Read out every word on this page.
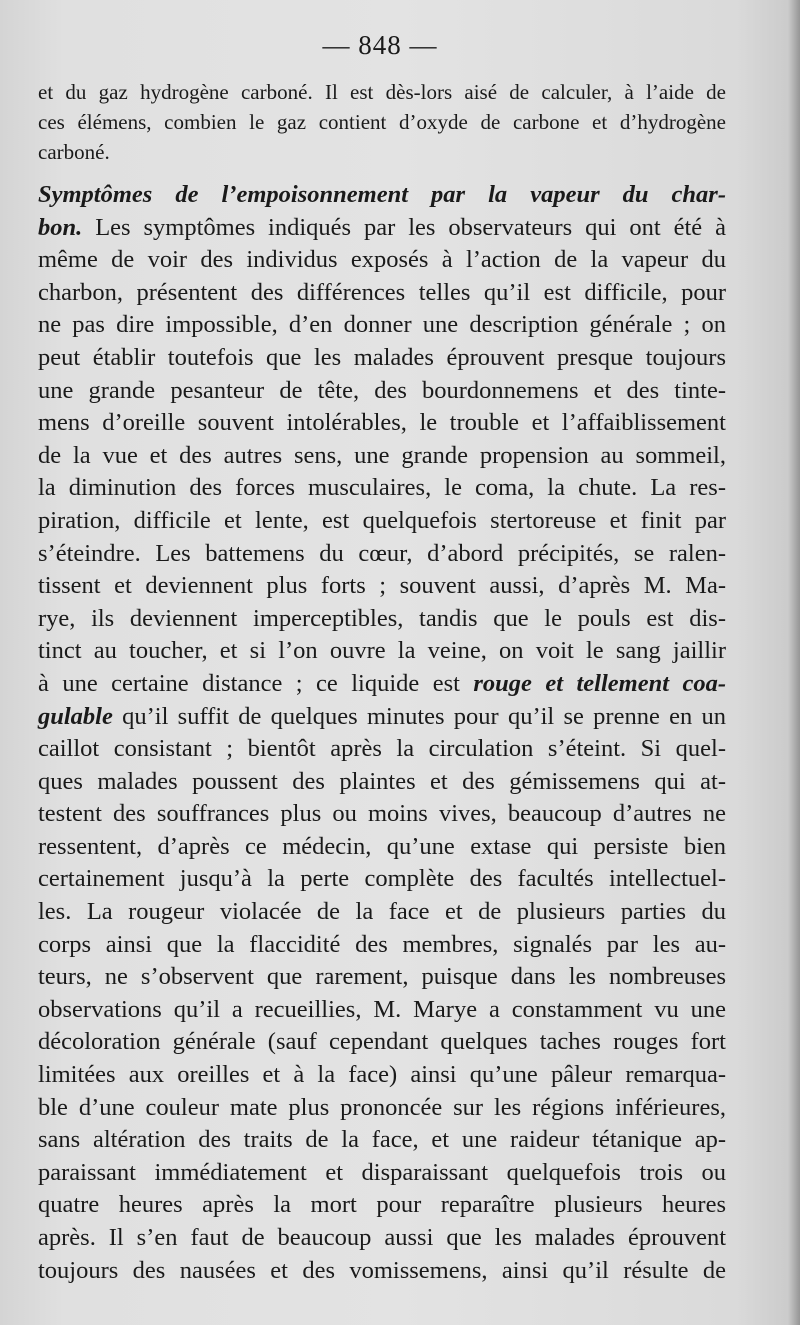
— 848 —
et du gaz hydrogène carboné. Il est dès-lors aisé de calculer, à l’aide de
ces élémens, combien le gaz contient d’oxyde de carbone et d’hydrogène
carboné.
Symptômes de l’empoisonnement par la vapeur du char-
bon. Les symptômes indiqués par les observateurs qui ont été à
même de voir des individus exposés à l’action de la vapeur du
charbon, présentent des différences telles qu’il est difficile, pour
ne pas dire impossible, d’en donner une description générale ; on
peut établir toutefois que les malades éprouvent presque toujours
une grande pesanteur de tête, des bourdonnemens et des tinte-
mens d’oreille souvent intolérables, le trouble et l’affaiblissement
de la vue et des autres sens, une grande propension au sommeil,
la diminution des forces musculaires, le coma, la chute. La res-
piration, difficile et lente, est quelquefois stertoreuse et finit par
s’éteindre. Les battemens du cœur, d’abord précipités, se ralen-
tissent et deviennent plus forts ; souvent aussi, d’après M. Ma-
rye, ils deviennent imperceptibles, tandis que le pouls est dis-
tinct au toucher, et si l’on ouvre la veine, on voit le sang jaillir
à une certaine distance ; ce liquide est rouge et tellement coa-
gulable qu’il suffit de quelques minutes pour qu’il se prenne en un
caillot consistant ; bientôt après la circulation s’éteint. Si quel-
ques malades poussent des plaintes et des gémissemens qui at-
testent des souffrances plus ou moins vives, beaucoup d’autres ne
ressentent, d’après ce médecin, qu’une extase qui persiste bien
certainement jusqu’à la perte complète des facultés intellectuel-
les. La rougeur violacée de la face et de plusieurs parties du
corps ainsi que la flaccidité des membres, signalés par les au-
teurs, ne s’observent que rarement, puisque dans les nombreuses
observations qu’il a recueillies, M. Marye a constamment vu une
décoloration générale (sauf cependant quelques taches rouges fort
limitées aux oreilles et à la face) ainsi qu’une pâleur remarqua-
ble d’une couleur mate plus prononcée sur les régions inférieures,
sans altération des traits de la face, et une raideur tétanique ap-
paraissant immédiatement et disparaissant quelquefois trois ou
quatre heures après la mort pour reparaître plusieurs heures
après. Il s’en faut de beaucoup aussi que les malades éprouvent
toujours des nausées et des vomissemens, ainsi qu’il résulte de
